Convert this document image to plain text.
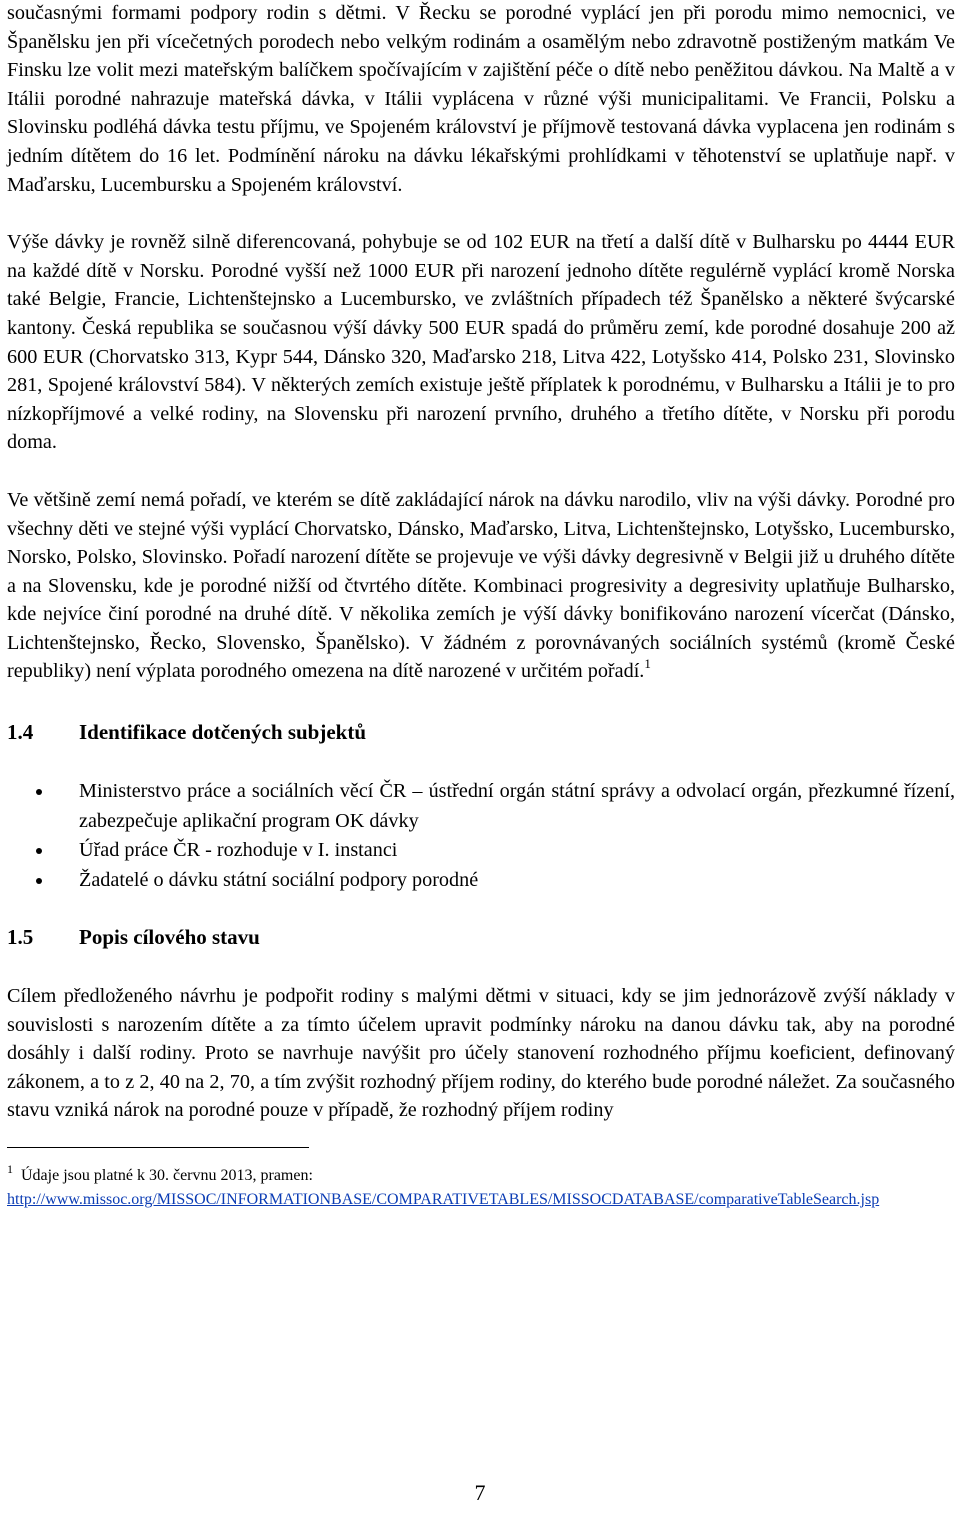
současnými formami podpory rodin s dětmi. V Řecku se porodné vyplácí jen při porodu mimo nemocnici, ve Španělsku jen při vícečetných porodech nebo velkým rodinám a osamělým nebo zdravotně postiženým matkám Ve Finsku lze volit mezi mateřským balíčkem spočívajícím v zajištění péče o dítě nebo peněžitou dávkou. Na Maltě a v Itálii porodné nahrazuje mateřská dávka, v Itálii vyplácena v různé výši municipalitami. Ve Francii, Polsku a Slovinsku podléhá dávka testu příjmu, ve Spojeném království je příjmově testovaná dávka vyplacena jen rodinám s jedním dítětem do 16 let. Podmínění nároku na dávku lékařskými prohlídkami v těhotenství se uplatňuje např. v Maďarsku, Lucembursku a Spojeném království.

Výše dávky je rovněž silně diferencovaná, pohybuje se od 102 EUR na třetí a další dítě v Bulharsku po 4444 EUR na každé dítě v Norsku. Porodné vyšší než 1000 EUR při narození jednoho dítěte regulérně vyplácí kromě Norska také Belgie, Francie, Lichtenštejnsko a Lucembursko, ve zvláštních případech též Španělsko a některé švýcarské kantony. Česká republika se současnou výší dávky 500 EUR spadá do průměru zemí, kde porodné dosahuje 200 až 600 EUR (Chorvatsko 313, Kypr 544, Dánsko 320, Maďarsko 218, Litva 422, Lotyšsko 414, Polsko 231, Slovinsko 281, Spojené království 584). V některých zemích existuje ještě příplatek k porodnému, v Bulharsku a Itálii je to pro nízkopříjmové a velké rodiny, na Slovensku při narození prvního, druhého a třetího dítěte, v Norsku při porodu doma.

Ve většině zemí nemá pořadí, ve kterém se dítě zakládající nárok na dávku narodilo, vliv na výši dávky. Porodné pro všechny děti ve stejné výši vyplácí Chorvatsko, Dánsko, Maďarsko, Litva, Lichtenštejnsko, Lotyšsko, Lucembursko, Norsko, Polsko, Slovinsko. Pořadí narození dítěte se projevuje ve výši dávky degresivně v Belgii již u druhého dítěte a na Slovensku, kde je porodné nižší od čtvrtého dítěte. Kombinaci progresivity a degresivity uplatňuje Bulharsko, kde nejvíce činí porodné na druhé dítě. V několika zemích je výší dávky bonifikováno narození vícerčat (Dánsko, Lichtenštejnsko, Řecko, Slovensko, Španělsko). V žádném z porovnávaných sociálních systémů (kromě České republiky) není výplata porodného omezena na dítě narozené v určitém pořadí.$^1$

1.4	Identifikace dotčených subjektů
Ministerstvo práce a sociálních věcí ČR – ústřední orgán státní správy a odvolací orgán, přezkumné řízení, zabezpečuje aplikační program OK dávky
Úřad práce ČR - rozhoduje v I. instanci
Žadatelé o dávku státní sociální podpory porodné
1.5	Popis cílového stavu

Cílem předloženého návrhu je podpořit rodiny s malými dětmi v situaci, kdy se jim jednorázově zvýší náklady v souvislosti s narozením dítěte a za tímto účelem upravit podmínky nároku na danou dávku tak, aby na porodné dosáhly i další rodiny. Proto se navrhuje navýšit pro účely stanovení rozhodného příjmu koeficient, definovaný zákonem, a to z 2, 40 na 2, 70, a tím zvýšit rozhodný příjem rodiny, do kterého bude porodné náležet. Za současného stavu vzniká nárok na porodné pouze v případě, že rozhodný příjem rodiny

$^1$ Údaje jsou platné k 30. červnu 2013, pramen:
http://www.missoc.org/MISSOC/INFORMATIONBASE/COMPARATIVETABLES/MISSOCDATABASE/comparativeTableSearch.jsp

7
